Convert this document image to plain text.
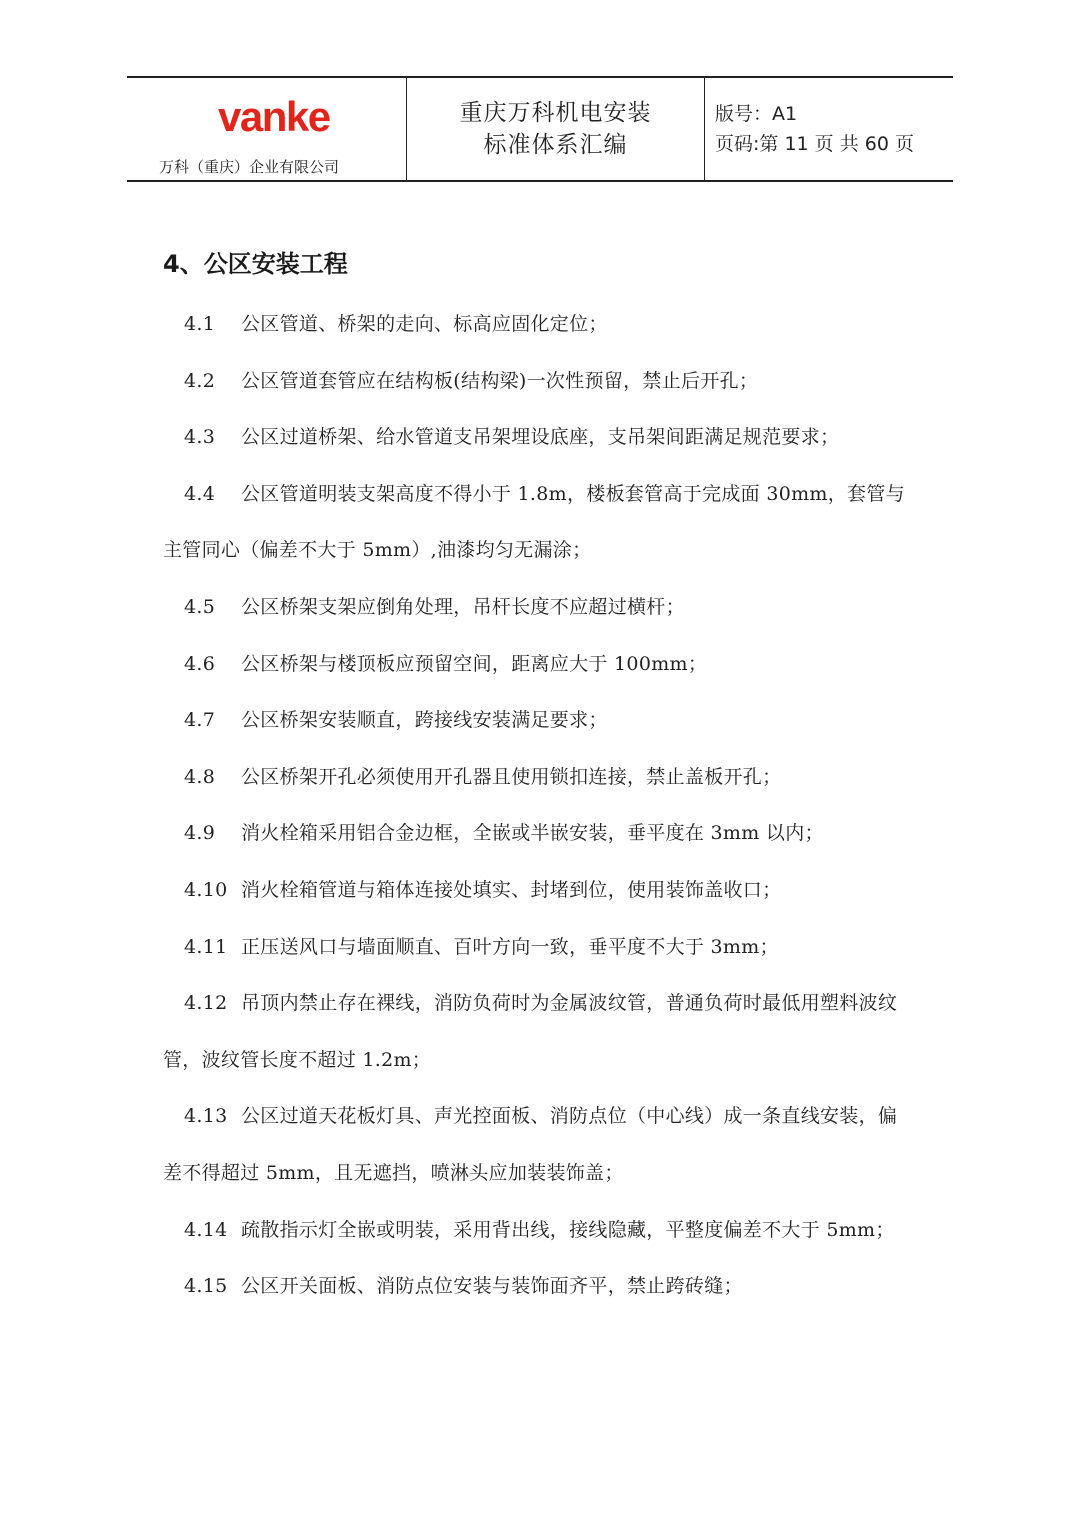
vanke
万科（重庆）企业有限公司
重庆万科机电安装
标准体系汇编
版号：A1
页码:第 11 页 共 60 页
4、公区安装工程
4.1 公区管道、桥架的走向、标高应固化定位；
4.2 公区管道套管应在结构板(结构梁)一次性预留，禁止后开孔；
4.3 公区过道桥架、给水管道支吊架埋设底座，支吊架间距满足规范要求；
4.4 公区管道明装支架高度不得小于 1.8m，楼板套管高于完成面 30mm，套管与主管同心（偏差不大于 5mm）,油漆均匀无漏涂；
4.5 公区桥架支架应倒角处理，吊杆长度不应超过横杆；
4.6 公区桥架与楼顶板应预留空间，距离应大于 100mm；
4.7 公区桥架安装顺直，跨接线安装满足要求；
4.8 公区桥架开孔必须使用开孔器且使用锁扣连接，禁止盖板开孔；
4.9 消火栓箱采用铝合金边框，全嵌或半嵌安装，垂平度在 3mm 以内；
4.10 消火栓箱管道与箱体连接处填实、封堵到位，使用装饰盖收口；
4.11 正压送风口与墙面顺直、百叶方向一致，垂平度不大于 3mm；
4.12 吊顶内禁止存在裸线，消防负荷时为金属波纹管，普通负荷时最低用塑料波纹管，波纹管长度不超过 1.2m；
4.13 公区过道天花板灯具、声光控面板、消防点位（中心线）成一条直线安装，偏差不得超过 5mm，且无遮挡，喷淋头应加装装饰盖；
4.14 疏散指示灯全嵌或明装，采用背出线，接线隐藏，平整度偏差不大于 5mm；
4.15 公区开关面板、消防点位安装与装饰面齐平，禁止跨砖缝；
